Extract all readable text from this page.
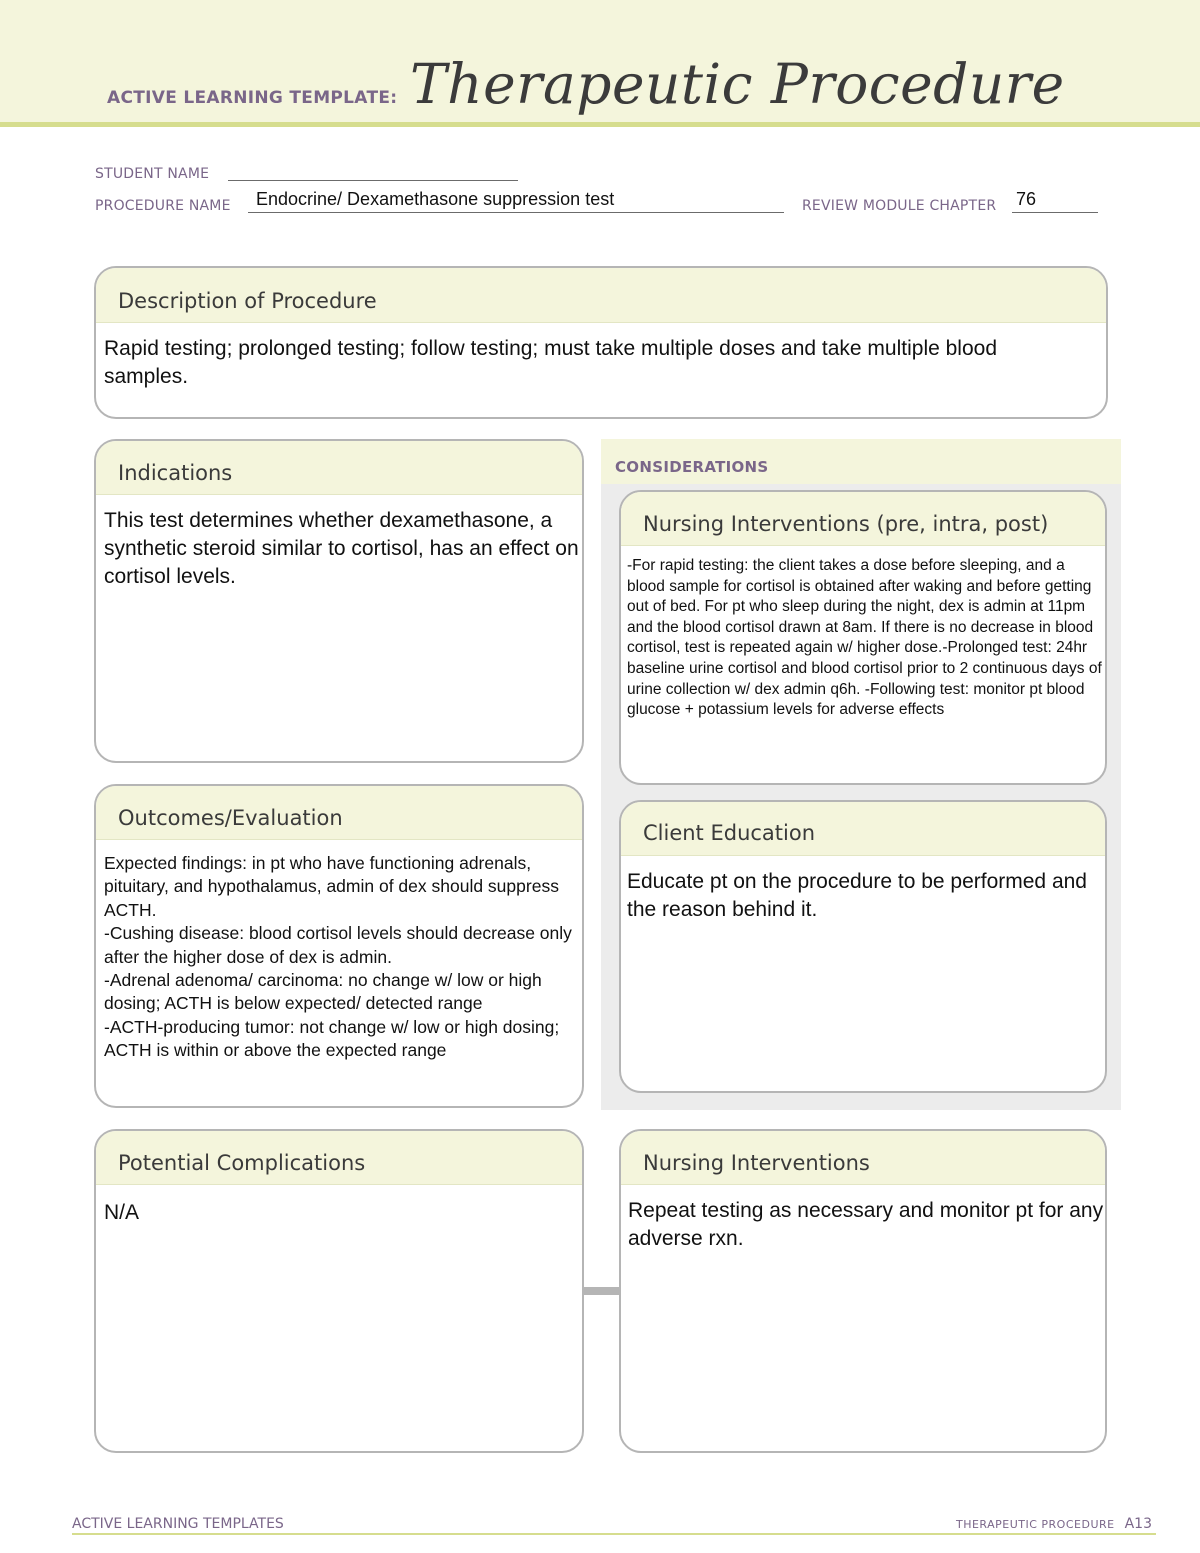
ACTIVE LEARNING TEMPLATE: Therapeutic Procedure
STUDENT NAME
PROCEDURE NAME Endocrine/ Dexamethasone suppression test	REVIEW MODULE CHAPTER 76
Description of Procedure
Rapid testing; prolonged testing; follow testing; must take multiple doses and take multiple blood samples.
Indications
This test determines whether dexamethasone, a synthetic steroid similar to cortisol, has an effect on cortisol levels.
CONSIDERATIONS
Nursing Interventions (pre, intra, post)
-For rapid testing: the client takes a dose before sleeping, and a blood sample for cortisol is obtained after waking and before getting out of bed. For pt who sleep during the night, dex is admin at 11pm and the blood cortisol drawn at 8am. If there is no decrease in blood cortisol, test is repeated again w/ higher dose.-Prolonged test: 24hr baseline urine cortisol and blood cortisol prior to 2 continuous days of urine collection w/ dex admin q6h. -Following test: monitor pt blood glucose + potassium levels for adverse effects
Outcomes/Evaluation
Expected findings: in pt who have functioning adrenals, pituitary, and hypothalamus, admin of dex should suppress ACTH.
-Cushing disease: blood cortisol levels should decrease only after the higher dose of dex is admin.
-Adrenal adenoma/ carcinoma: no change w/ low or high dosing; ACTH is below expected/ detected range
-ACTH-producing tumor: not change w/ low or high dosing; ACTH is within or above the expected range
Client Education
Educate pt on the procedure to be performed and the reason behind it.
Potential Complications
N/A
Nursing Interventions
Repeat testing as necessary and monitor pt for any adverse rxn.
ACTIVE LEARNING TEMPLATES	THERAPEUTIC PROCEDURE A13
